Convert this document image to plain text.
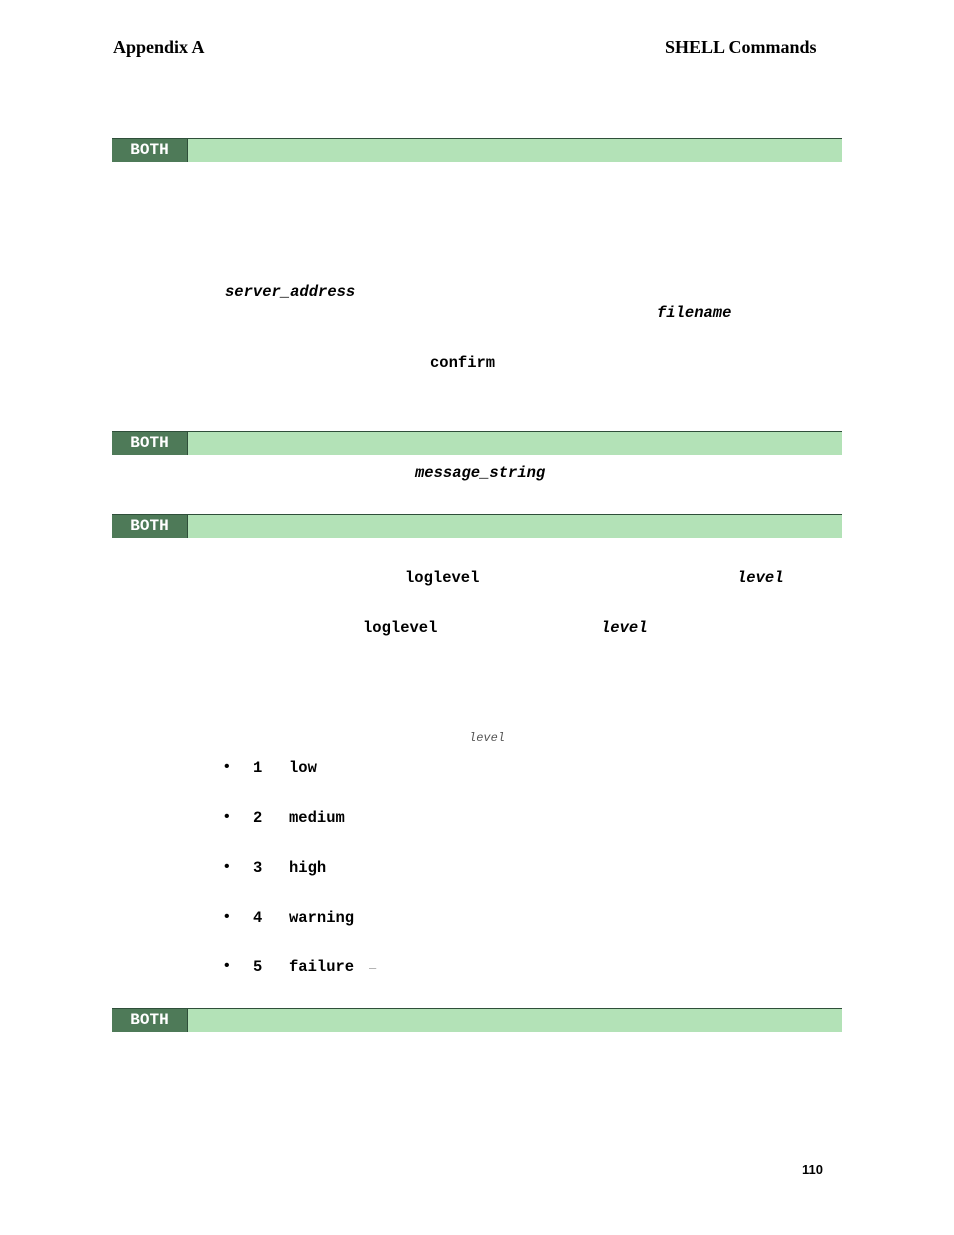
Appendix A	SHELL Commands
BOTH
server_address
filename
confirm
BOTH
message_string
BOTH
loglevel	level
loglevel	level
level
• 1 low
• 2 medium
• 3 high
• 4 warning
• 5 failure –
BOTH
110
